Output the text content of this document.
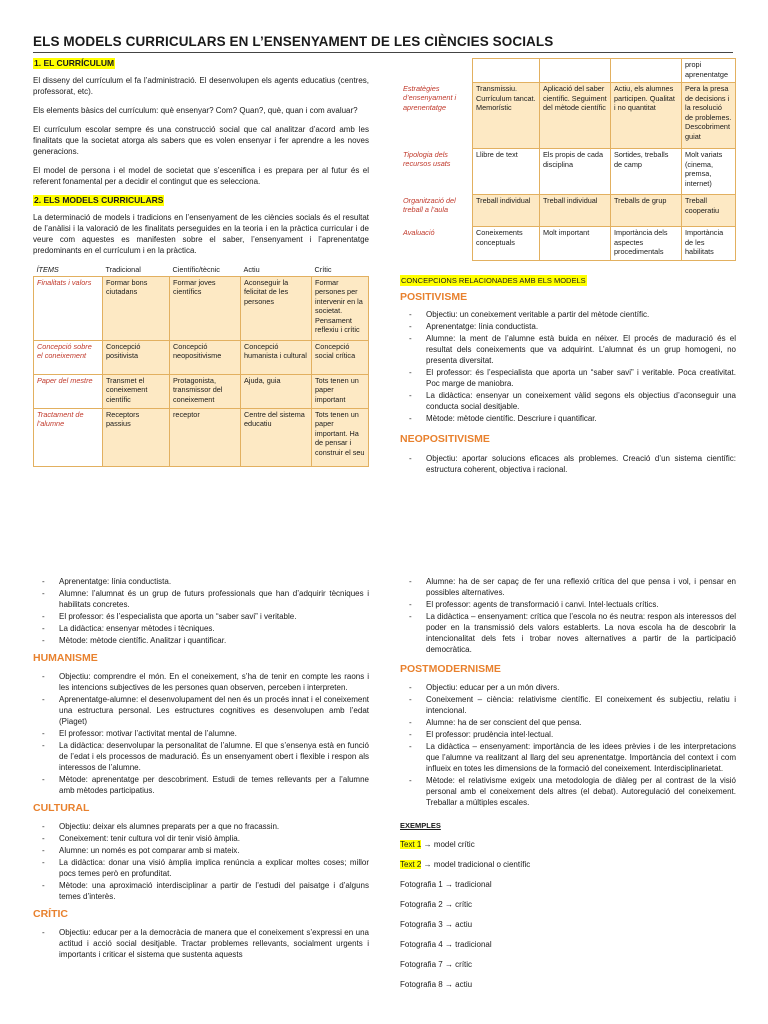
ELS MODELS CURRICULARS EN L’ENSENYAMENT DE LES CIÈNCIES SOCIALS
1. EL CURRÍCULUM

El disseny del currículum el fa l’administració. El desenvolupen els agents educatius (centres, professorat, etc).

Els elements bàsics del currículum: què ensenyar? Com? Quan?, què, quan i com avaluar?

El currículum escolar sempre és una construcció social que cal analitzar d’acord amb les finalitats que la societat atorga als sabers que es volen ensenyar i fer aprendre a les noves generacions.

El model de persona i el model de societat que s’escenifica i es prepara per al futur és el referent fonamental per a decidir el contingut que es selecciona.

2. ELS MODELS CURRICULARS

La determinació de models i tradicions en l’ensenyament de les ciències socials és el resultat de l’anàlisi i la valoració de les finalitats perseguides en la teoria i en la pràctica curricular i de veure com aquestes es manifesten sobre el saber, l’ensenyament i l’aprenentatge predominants en el currículum i en la pràctica.

ÍTEMS	Tradicional	Científic/tècnic	Actiu	Crític
Finalitats i valors	Formar bons ciutadans	Formar joves científics	Aconseguir la felicitat de les persones	Formar persones per intervenir en la societat. Pensament reflexiu i crític
Concepció sobre el coneixement	Concepció positivista	Concepció neopositivisme	Concepció humanista i cultural	Concepció social crítica
Paper del mestre	Transmet el coneixement científic	Protagonista, transmissor del coneixement	Ajuda, guia	Tots tenen un paper important
Tractament de l’alumne	Receptors passius	receptor	Centre del sistema educatiu	Tots tenen un paper important. Ha de pensar i construir el seu
				propi aprenentatge
Estratègies d’ensenyament i aprenentatge	Transmissiu. Currículum tancat. Memorístic	Aplicació del saber científic. Seguiment del mètode científic	Actiu, els alumnes participen. Qualitat i no quantitat	Pera la presa de decisions i la resolució de problemes. Descobriment guiat
Tipologia dels recursos usats	Llibre de text	Els propis de cada disciplina	Sortides, treballs de camp	Molt variats (cinema, premsa, internet)
Organització del treball a l’aula	Treball individual	Treball individual	Treballs de grup	Treball cooperatiu
Avaluació	Coneixements conceptuals	Molt important	Importància dels aspectes procedimentals	Importància de les habilitats
CONCEPCIONS RELACIONADES AMB ELS MODELS
POSITIVISME
- Objectiu: un coneixement veritable a partir del mètode científic.
- Aprenentatge: línia conductista.
- Alumne: la ment de l’alumne està buida en néixer. El procés de maduració és el resultat dels coneixements que va adquirint. L’alumnat és un grup homogeni, no presenta diversitat.
- El professor: és l’especialista que aporta un “saber savi” i veritable. Poca creativitat. Poc marge de maniobra.
- La didàctica: ensenyar un coneixement vàlid segons els objectius d’aconseguir una conducta social desitjable.
- Mètode: mètode científic. Descriure i quantificar.
NEOPOSITIVISME
- Objectiu: aportar solucions eficaces als problemes. Creació d’un sistema científic: estructura coherent, objectiva i racional.
- Aprenentatge: línia conductista.
- Alumne: l’alumnat és un grup de futurs professionals que han d’adquirir tècniques i habilitats concretes.
- El professor: és l’especialista que aporta un “saber savi” i veritable.
- La didàctica: ensenyar mètodes i tècniques.
- Mètode: mètode científic. Analitzar i quantificar.
HUMANISME
- Objectiu: comprendre el món. En el coneixement, s’ha de tenir en compte les raons i les intencions subjectives de les persones quan observen, perceben i interpreten.
- Aprenentatge-alumne: el desenvolupament del nen és un procés innat i el coneixement una estructura personal. Les estructures cognitives es desenvolupen amb l’edat (Piaget)
- El professor: motivar l’activitat mental de l’alumne.
- La didàctica: desenvolupar la personalitat de l’alumne. El que s’ensenya està en funció de l’edat i els processos de maduració. És un ensenyament obert i flexible i respon als interessos de l’alumne.
- Mètode: aprenentatge per descobriment. Estudi de temes rellevants per a l’alumne amb mètodes participatius.
CULTURAL
- Objectiu: deixar els alumnes preparats per a que no fracassin.
- Coneixement: tenir cultura vol dir tenir visió àmplia.
- Alumne: un només es pot comparar amb si mateix.
- La didàctica: donar una visió àmplia implica renúncia a explicar moltes coses; millor pocs temes però en profunditat.
- Mètode: una aproximació interdisciplinar a partir de l’estudi del paisatge i d’alguns temes d’interès.
CRÍTIC
- Objectiu: educar per a la democràcia de manera que el coneixement s’expressi en una actitud i acció social desitjable. Tractar problemes rellevants, socialment urgents i importants i criticar el sistema que sustenta aquests
- Alumne: ha de ser capaç de fer una reflexió crítica del que pensa i vol, i pensar en possibles alternatives.
- El professor: agents de transformació i canvi. Intel·lectuals crítics.
- La didàctica – ensenyament: crítica que l’escola no és neutra: respon als interessos del poder en la transmissió dels valors establerts. La nova escola ha de descobrir la intencionalitat dels fets i trobar noves alternatives a partir de la participació democràtica.
POSTMODERNISME
- Objectiu: educar per a un món divers.
- Coneixement – ciència: relativisme científic. El coneixement és subjectiu, relatiu i intencional.
- Alumne: ha de ser conscient del que pensa.
- El professor: prudència intel·lectual.
- La didàctica – ensenyament: importància de les idees prèvies i de les interpretacions que l’alumne va realitzant al llarg del seu aprenentatge. Importància del context i com influeix en totes les dimensions de la formació del coneixement. Interdisciplinarietat.
- Mètode: el relativisme exigeix una metodologia de diàleg per al contrast de la visió personal amb el coneixement dels altres (el debat). Autoregulació del coneixement. Treballar a múltiples escales.
EXEMPLES
Text 1 → model crític
Text 2 → model tradicional o científic
Fotografia 1 → tradicional
Fotografia 2 → crític
Fotografia 3 → actiu
Fotografia 4 → tradicional
Fotografia 7 → crític
Fotografia 8 → actiu
